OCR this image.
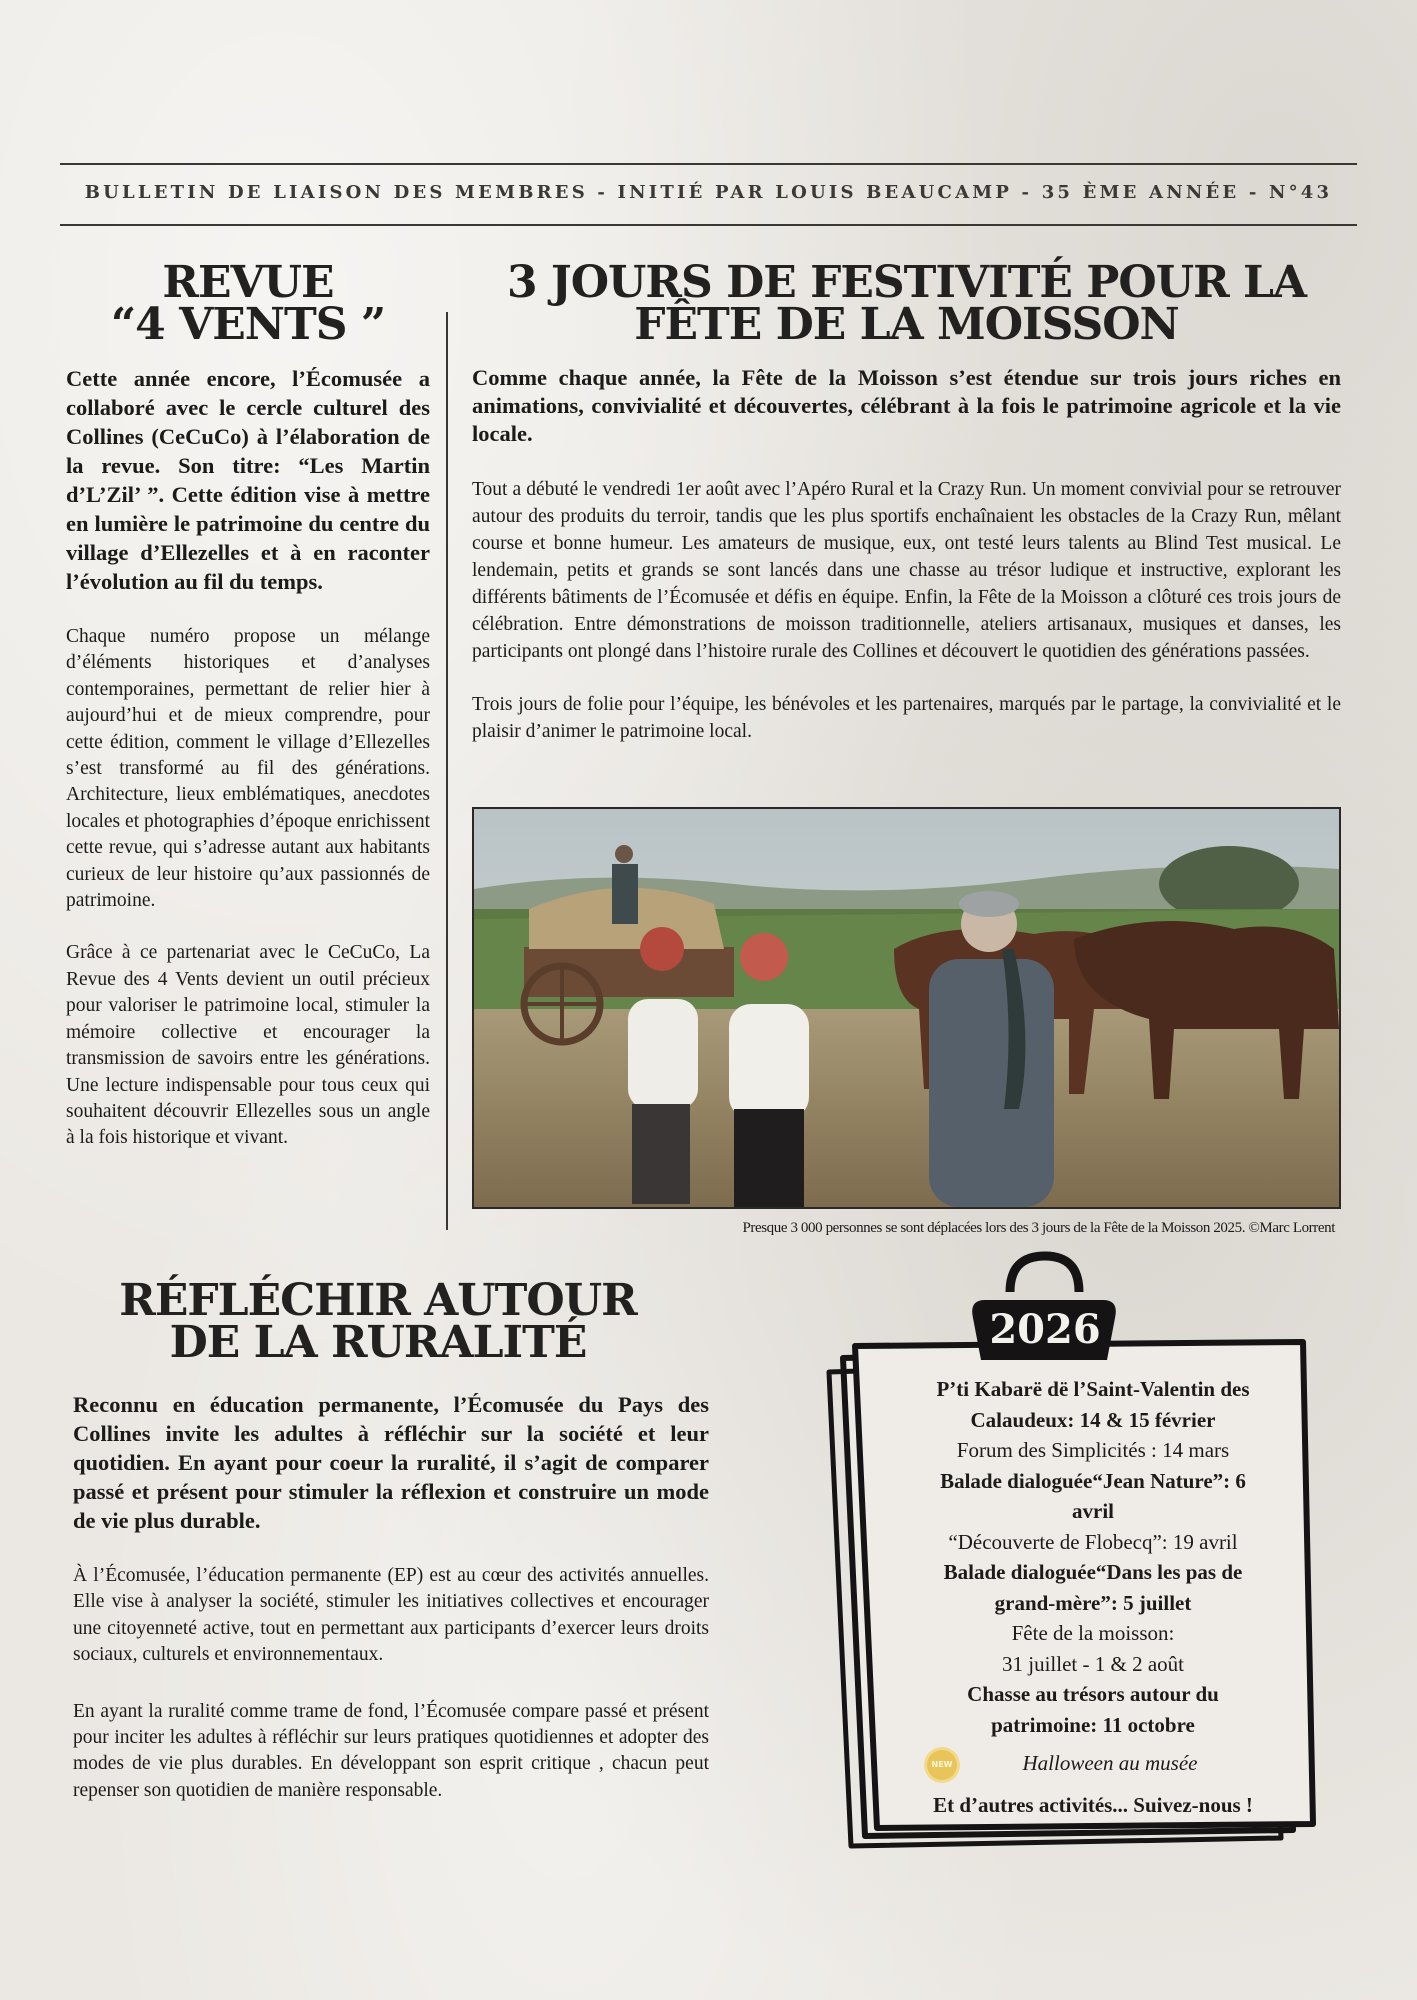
BULLETIN DE LIAISON DES MEMBRES - INITIÉ PAR LOUIS BEAUCAMP - 35 ÈME ANNÉE - N°43
REVUE
“4 VENTS ”

Cette année encore, l’Écomusée a collaboré avec le cercle culturel des Collines (CeCuCo) à l’élaboration de la revue. Son titre: “Les Martin d’L’Zil’ ”. Cette édition vise à mettre en lumière le patrimoine du centre du village d’Ellezelles et à en raconter l’évolution au fil du temps.

Chaque numéro propose un mélange d’éléments historiques et d’analyses contemporaines, permettant de relier hier à aujourd’hui et de mieux comprendre, pour cette édition, comment le village d’Ellezelles s’est transformé au fil des générations. Architecture, lieux emblématiques, anecdotes locales et photographies d’époque enrichissent cette revue, qui s’adresse autant aux habitants curieux de leur histoire qu’aux passionnés de patrimoine.

Grâce à ce partenariat avec le CeCuCo, La Revue des 4 Vents devient un outil précieux pour valoriser le patrimoine local, stimuler la mémoire collective et encourager la transmission de savoirs entre les générations. Une lecture indispensable pour tous ceux qui souhaitent découvrir Ellezelles sous un angle à la fois historique et vivant.

3 JOURS DE FESTIVITÉ POUR LA
FÊTE DE LA MOISSON

Comme chaque année, la Fête de la Moisson s’est étendue sur trois jours riches en animations, convivialité et découvertes, célébrant à la fois le patrimoine agricole et la vie locale.

Tout a débuté le vendredi 1er août avec l’Apéro Rural et la Crazy Run. Un moment convivial pour se retrouver autour des produits du terroir, tandis que les plus sportifs enchaînaient les obstacles de la Crazy Run, mêlant course et bonne humeur. Les amateurs de musique, eux, ont testé leurs talents au Blind Test musical. Le lendemain, petits et grands se sont lancés dans une chasse au trésor ludique et instructive, explorant les différents bâtiments de l’Écomusée et défis en équipe. Enfin, la Fête de la Moisson a clôturé ces trois jours de célébration. Entre démonstrations de moisson traditionnelle, ateliers artisanaux, musiques et danses, les participants ont plongé dans l’histoire rurale des Collines et découvert le quotidien des générations passées.

Trois jours de folie pour l’équipe, les bénévoles et les partenaires, marqués par le partage, la convivialité et le plaisir d’animer le patrimoine local.

Presque 3 000 personnes se sont déplacées lors des 3 jours de la Fête de la Moisson 2025. ©Marc Lorrent
RÉFLÉCHIR AUTOUR
DE LA RURALITÉ

Reconnu en éducation permanente, l’Écomusée du Pays des Collines invite les adultes à réfléchir sur la société et leur quotidien. En ayant pour coeur la ruralité, il s’agit de comparer passé et présent pour stimuler la réflexion et construire un mode de vie plus durable.

À l’Écomusée, l’éducation permanente (EP) est au cœur des activités annuelles. Elle vise à analyser la société, stimuler les initiatives collectives et encourager une citoyenneté active, tout en permettant aux participants d’exercer leurs droits sociaux, culturels et environnementaux.

En ayant la ruralité comme trame de fond, l’Écomusée compare passé et présent pour inciter les adultes à réfléchir sur leurs pratiques quotidiennes et adopter des modes de vie plus durables. En développant son esprit critique , chacun peut repenser son quotidien de manière responsable.

2026

P’ti Kabarë dë l’Saint-Valentin des Calaudeux: 14 & 15 février

Forum des Simplicités : 14 mars

Balade dialoguée“Jean Nature”: 6 avril

“Découverte de Flobecq”: 19 avril

Balade dialoguée“Dans les pas de grand-mère”: 5 juillet

Fête de la moisson:

31 juillet - 1 & 2 août

Chasse au trésors autour du patrimoine: 11 octobre

NEW	Halloween au musée

Et d’autres activités... Suivez-nous !
